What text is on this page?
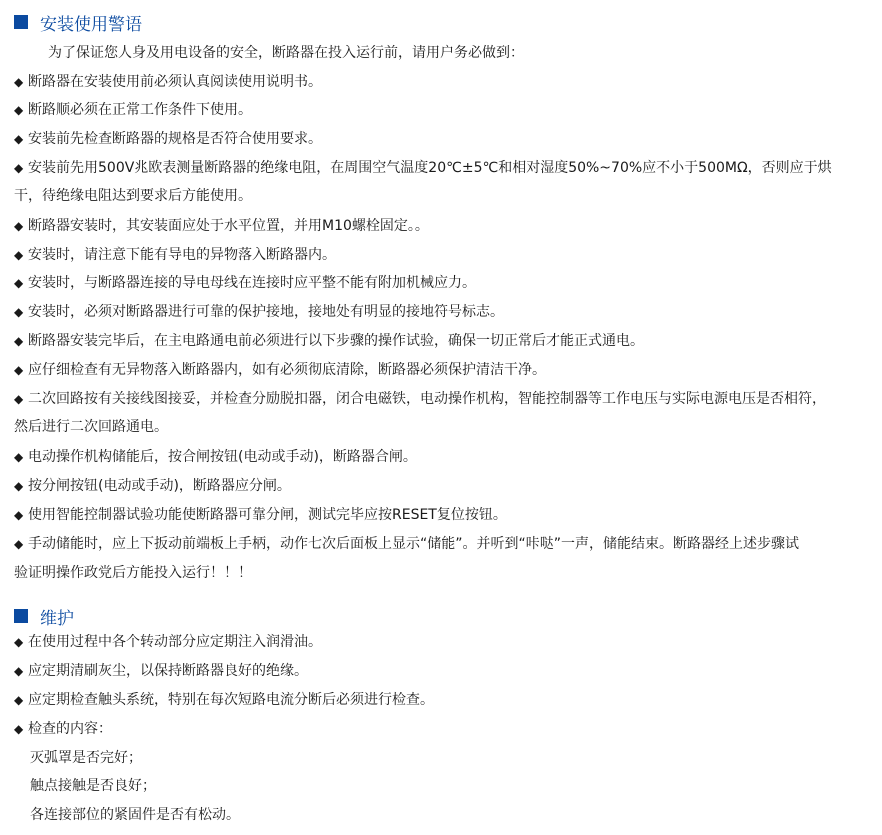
安装使用警语
为了保证您人身及用电设备的安全，断路器在投入运行前，请用户务必做到：
◆ 断路器在安装使用前必须认真阅读使用说明书。
◆ 断路顺必须在正常工作条件下使用。
◆ 安装前先检查断路器的规格是否符合使用要求。
◆ 安装前先用500V兆欧表测量断路器的绝缘电阻，在周围空气温度20℃±5℃和相对湿度50%~70%应不小于500MΩ，否则应于烘
干，待绝缘电阻达到要求后方能使用。
◆ 断路器安装时，其安装面应处于水平位置，并用M10螺栓固定。。
◆ 安装时，请注意下能有导电的异物落入断路器内。
◆ 安装时，与断路器连接的导电母线在连接时应平整不能有附加机械应力。
◆ 安装时，必须对断路器进行可靠的保护接地，接地处有明显的接地符号标志。
◆ 断路器安装完毕后，在主电路通电前必须进行以下步骤的操作试验，确保一切正常后才能正式通电。
◆ 应仔细检查有无异物落入断路器内，如有必须彻底清除，断路器必须保护清洁干净。
◆ 二次回路按有关接线图接妥，并检查分励脱扣器，闭合电磁铁，电动操作机构，智能控制器等工作电压与实际电源电压是否相符，
然后进行二次回路通电。
◆ 电动操作机构储能后，按合闸按钮(电动或手动)，断路器合闸。
◆ 按分闸按钮(电动或手动)，断路器应分闸。
◆ 使用智能控制器试验功能使断路器可靠分闸，测试完毕应按RESET复位按钮。
◆ 手动储能时，应上下扳动前端板上手柄，动作七次后面板上显示“储能”。并听到“咔哒”一声，储能结束。断路器经上述步骤试
验证明操作政党后方能投入运行！！！
维护
◆ 在使用过程中各个转动部分应定期注入润滑油。
◆ 应定期清刷灰尘，以保持断路器良好的绝缘。
◆ 应定期检查触头系统，特别在每次短路电流分断后必须进行检查。
◆ 检查的内容：
灭弧罩是否完好；
触点接触是否良好；
各连接部位的紧固件是否有松动。
